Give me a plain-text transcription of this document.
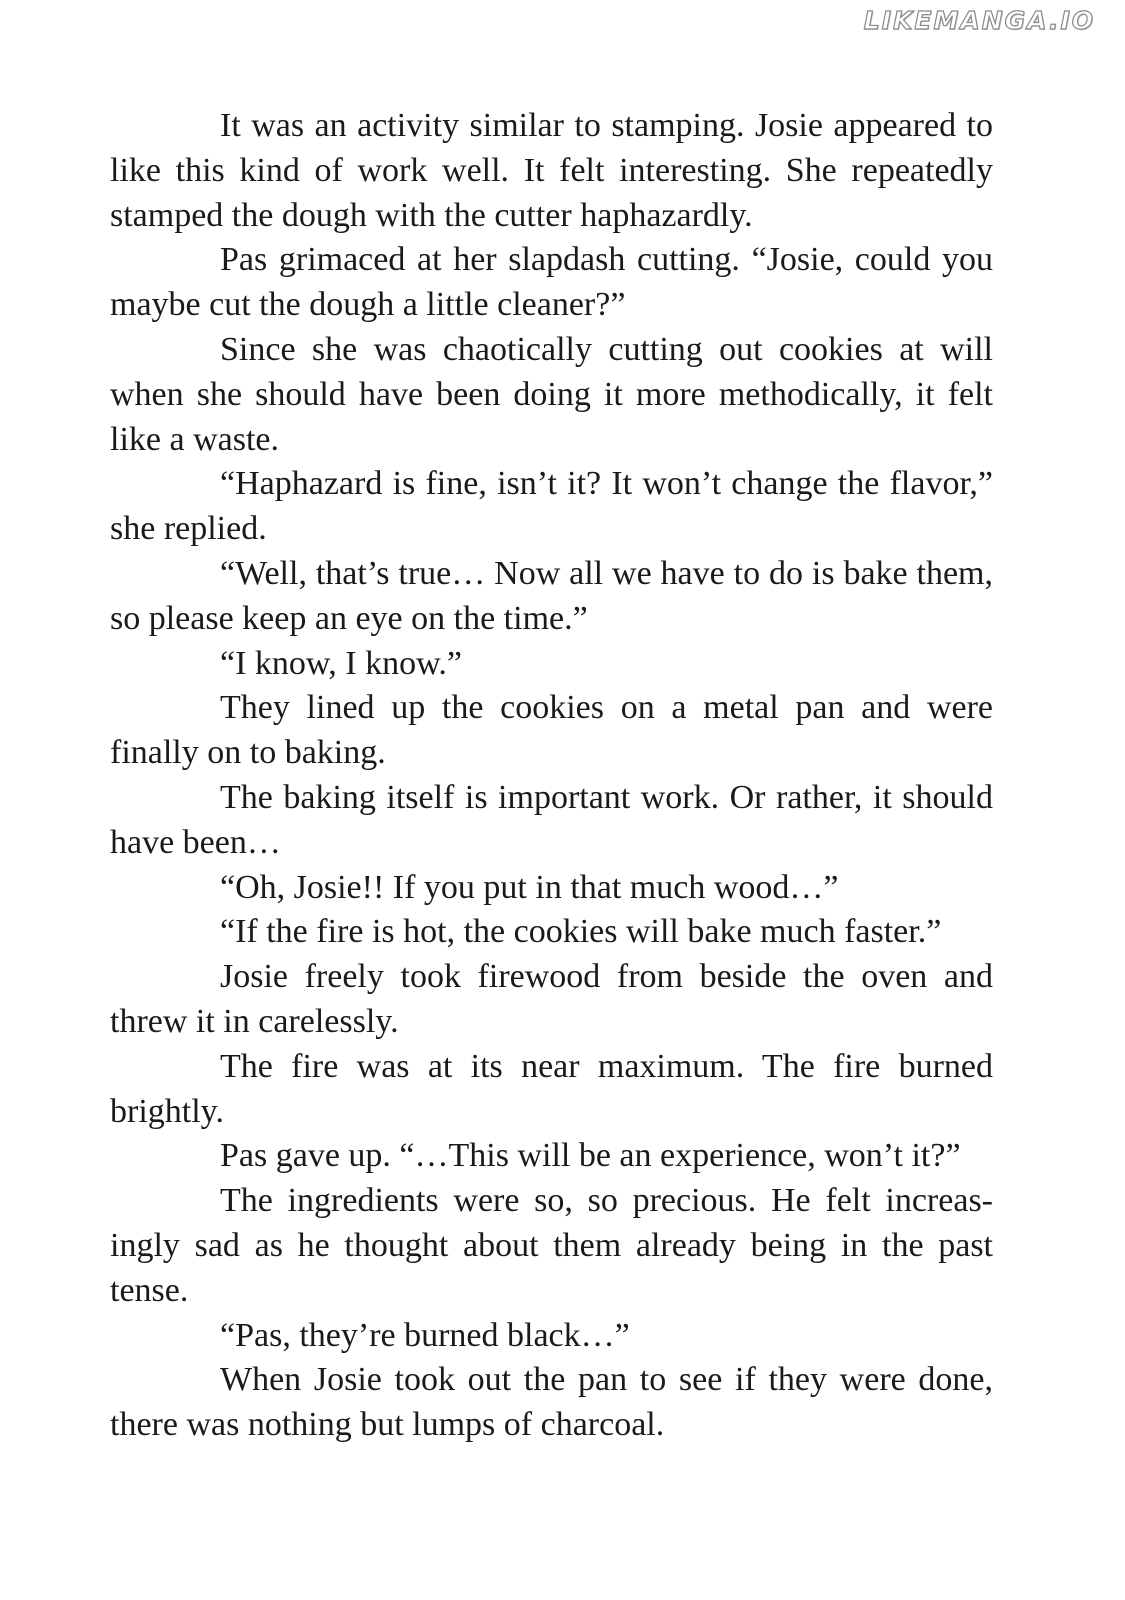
LIKEMANGA.IO

It was an activity similar to stamping. Josie appeared to like this kind of work well. It felt interesting. She repeatedly stamped the dough with the cutter haphazardly.

Pas grimaced at her slapdash cutting. “Josie, could you maybe cut the dough a little cleaner?”

Since she was chaotically cutting out cookies at will when she should have been doing it more methodically, it felt like a waste.

“Haphazard is fine, isn’t it? It won’t change the flavor,” she replied.

“Well, that’s true… Now all we have to do is bake them, so please keep an eye on the time.”

“I know, I know.”

They lined up the cookies on a metal pan and were finally on to baking.

The baking itself is important work. Or rather, it should have been…

“Oh, Josie!! If you put in that much wood…”

“If the fire is hot, the cookies will bake much faster.”

Josie freely took firewood from beside the oven and threw it in carelessly.

The fire was at its near maximum. The fire burned brightly.

Pas gave up. “…This will be an experience, won’t it?”

The ingredients were so, so precious. He felt increasingly sad as he thought about them already being in the past tense.

“Pas, they’re burned black…”

When Josie took out the pan to see if they were done, there was nothing but lumps of charcoal.
